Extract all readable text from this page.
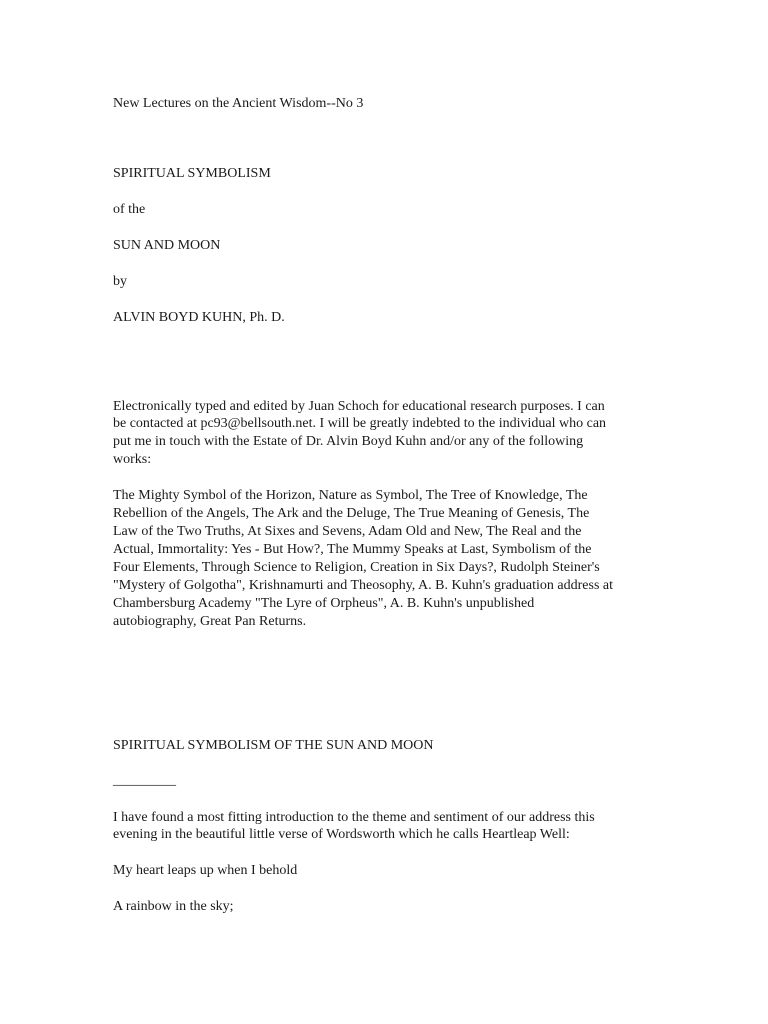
New Lectures on the Ancient Wisdom--No 3

SPIRITUAL SYMBOLISM

of the

SUN AND MOON

by

ALVIN BOYD KUHN, Ph. D.

Electronically typed and edited by Juan Schoch for educational research purposes. I can

be contacted at pc93@bellsouth.net. I will be greatly indebted to the individual who can

put me in touch with the Estate of Dr. Alvin Boyd Kuhn and/or any of the following

works:

The Mighty Symbol of the Horizon, Nature as Symbol, The Tree of Knowledge, The

Rebellion of the Angels, The Ark and the Deluge, The True Meaning of Genesis, The

Law of the Two Truths, At Sixes and Sevens, Adam Old and New, The Real and the

Actual, Immortality: Yes - But How?, The Mummy Speaks at Last, Symbolism of the

Four Elements, Through Science to Religion, Creation in Six Days?, Rudolph Steiner's

"Mystery of Golgotha", Krishnamurti and Theosophy, A. B. Kuhn's graduation address at

Chambersburg Academy "The Lyre of Orpheus", A. B. Kuhn's unpublished

autobiography, Great Pan Returns.

SPIRITUAL SYMBOLISM OF THE SUN AND MOON

_________

I have found a most fitting introduction to the theme and sentiment of our address this

evening in the beautiful little verse of Wordsworth which he calls Heartleap Well:

My heart leaps up when I behold

A rainbow in the sky;
